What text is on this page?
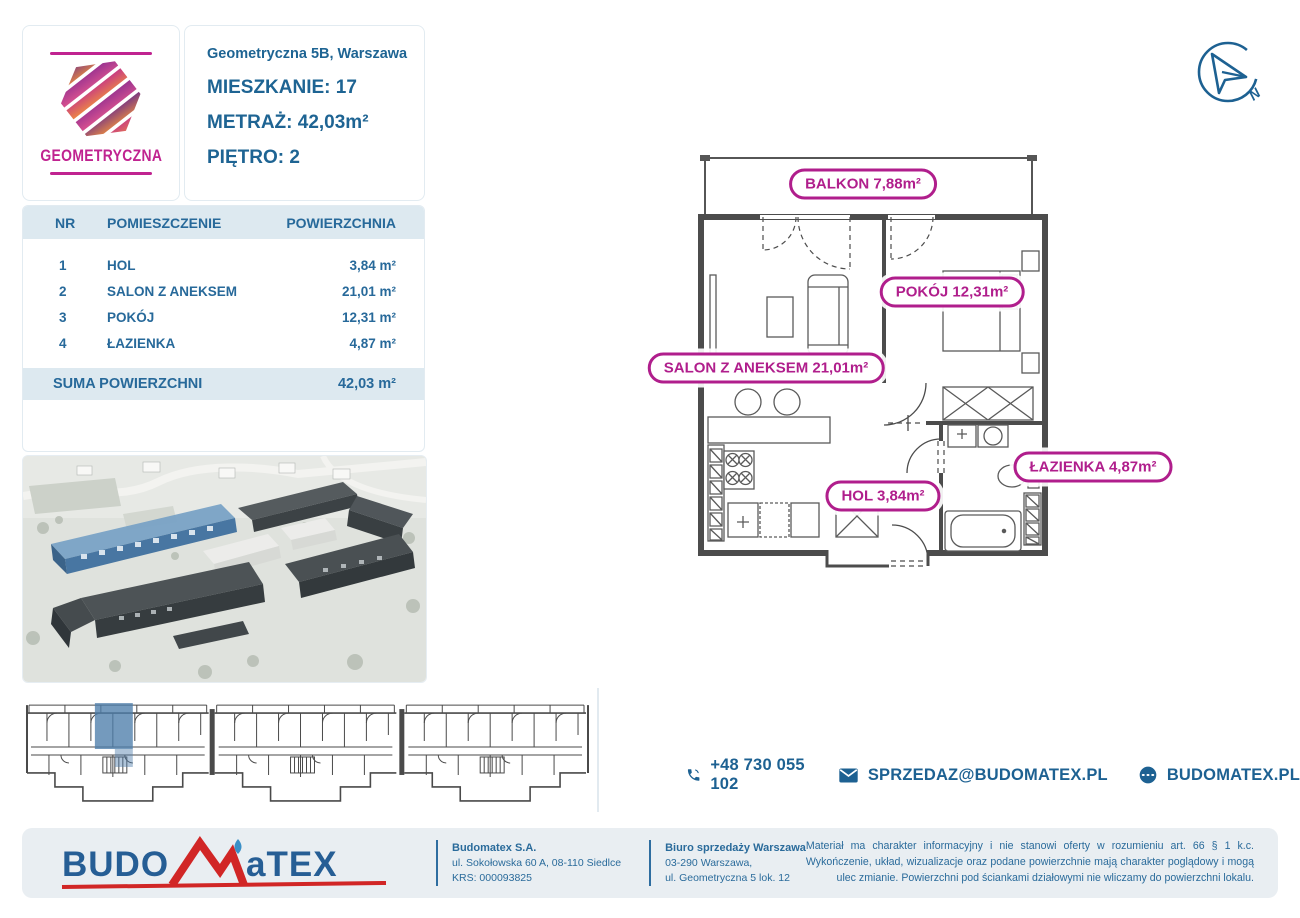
GEOMETRYCZNA
Geometryczna 5B, Warszawa
MIESZKANIE: 17
METRAŻ: 42,03m²
PIĘTRO: 2
NR	POMIESZCZENIE	POWIERZCHNIA
1	HOL	3,84 m²
2	SALON Z ANEKSEM	21,01 m²
3	POKÓJ	12,31 m²
4	ŁAZIENKA	4,87 m²
SUMA POWIERZCHNI	42,03 m²
N
BALKON 7,88m²
POKÓJ 12,31m²
SALON Z ANEKSEM 21,01m²
HOL 3,84m²
ŁAZIENKA 4,87m²
+48 730 055 102
SPRZEDAZ@BUDOMATEX.PL	BUDOMATEX.PL
BUDO aTEX	Budomatex S.A.
ul. Sokołowska 60 A, 08-110 Siedlce
KRS: 000093825
Biuro sprzedaży Warszawa
03-290 Warszawa,
ul. Geometryczna 5 lok. 12
Materiał ma charakter informacyjny i nie stanowi oferty w rozumieniu art. 66 § 1 k.c. Wykończenie, układ, wizualizacje oraz podane powierzchnie mają charakter poglądowy i mogą ulec zmianie. Powierzchni pod ściankami działowymi nie wliczamy do powierzchni lokalu.
